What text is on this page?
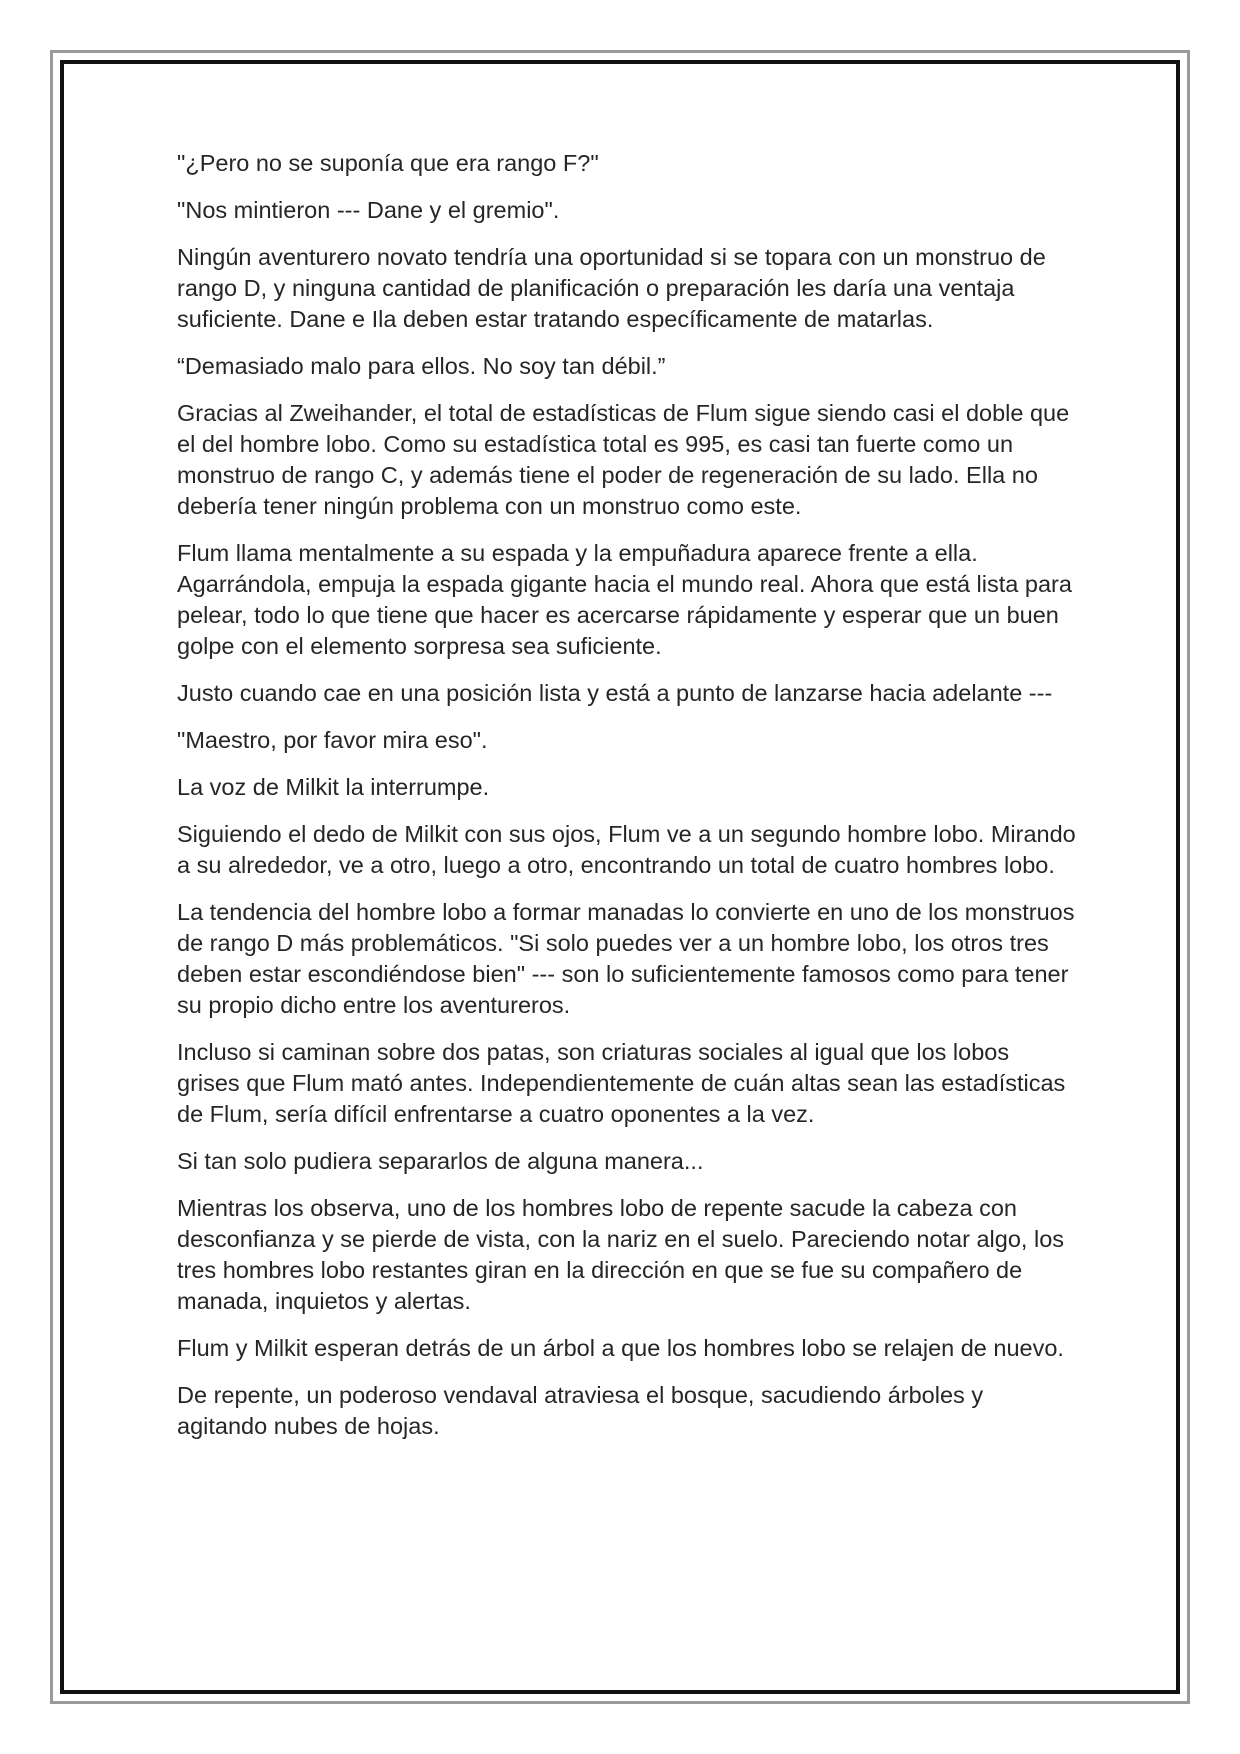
"¿Pero no se suponía que era rango F?"

"Nos mintieron --- Dane y el gremio".

Ningún aventurero novato tendría una oportunidad si se topara con un monstruo de rango D, y ninguna cantidad de planificación o preparación les daría una ventaja suficiente. Dane e Ila deben estar tratando específicamente de matarlas.

“Demasiado malo para ellos. No soy tan débil.”

Gracias al Zweihander, el total de estadísticas de Flum sigue siendo casi el doble que el del hombre lobo. Como su estadística total es 995, es casi tan fuerte como un monstruo de rango C, y además tiene el poder de regeneración de su lado. Ella no debería tener ningún problema con un monstruo como este.

Flum llama mentalmente a su espada y la empuñadura aparece frente a ella. Agarrándola, empuja la espada gigante hacia el mundo real. Ahora que está lista para pelear, todo lo que tiene que hacer es acercarse rápidamente y esperar que un buen golpe con el elemento sorpresa sea suficiente.

Justo cuando cae en una posición lista y está a punto de lanzarse hacia adelante ---

"Maestro, por favor mira eso".

La voz de Milkit la interrumpe.

Siguiendo el dedo de Milkit con sus ojos, Flum ve a un segundo hombre lobo. Mirando a su alrededor, ve a otro, luego a otro, encontrando un total de cuatro hombres lobo.

La tendencia del hombre lobo a formar manadas lo convierte en uno de los monstruos de rango D más problemáticos. "Si solo puedes ver a un hombre lobo, los otros tres deben estar escondiéndose bien" --- son lo suficientemente famosos como para tener su propio dicho entre los aventureros.

Incluso si caminan sobre dos patas, son criaturas sociales al igual que los lobos grises que Flum mató antes. Independientemente de cuán altas sean las estadísticas de Flum, sería difícil enfrentarse a cuatro oponentes a la vez.

Si tan solo pudiera separarlos de alguna manera...

Mientras los observa, uno de los hombres lobo de repente sacude la cabeza con desconfianza y se pierde de vista, con la nariz en el suelo. Pareciendo notar algo, los tres hombres lobo restantes giran en la dirección en que se fue su compañero de manada, inquietos y alertas.

Flum y Milkit esperan detrás de un árbol a que los hombres lobo se relajen de nuevo.

De repente, un poderoso vendaval atraviesa el bosque, sacudiendo árboles y agitando nubes de hojas.
